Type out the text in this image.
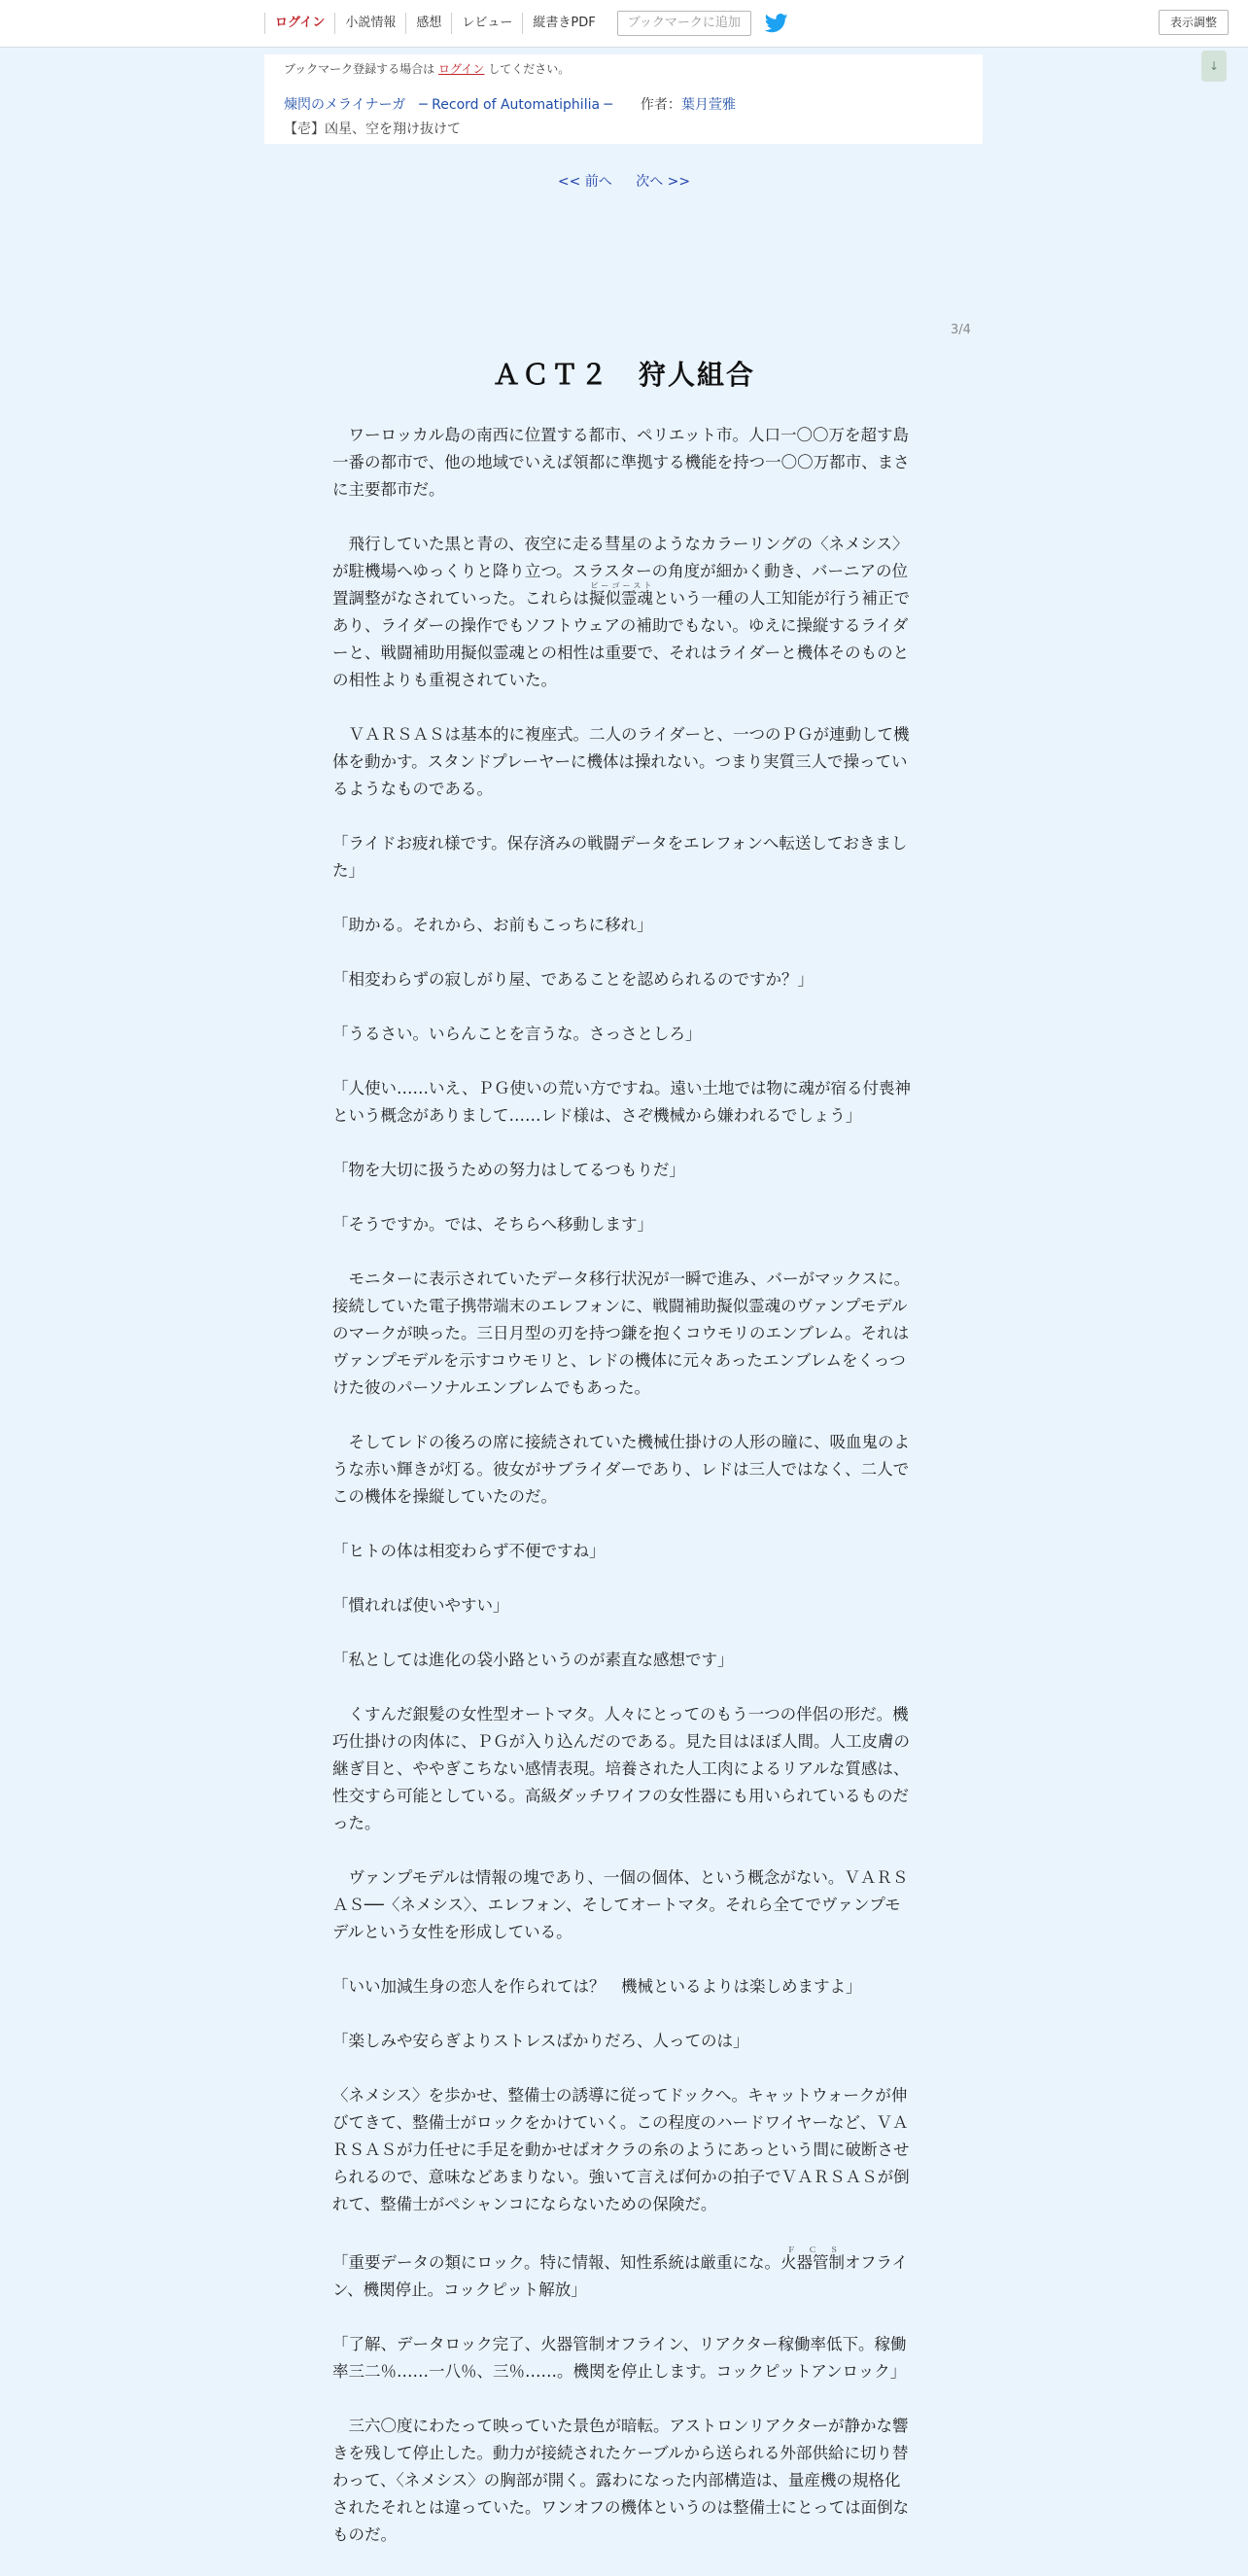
ログイン	小説情報	感想	レビュー	縦書きPDF	ブックマークに追加	表示調整
↓
ブックマーク登録する場合は ログイン してください。
煉閃のメライナーガ　─ Record of Automatiphilia ─ 作者：葉月萱雅
【壱】凶星、空を翔け抜けて
<< 前へ 次へ >>
3/4
ＡＣＴ２　狩人組合

ワーロッカル島の南西に位置する都市、ペリエット市。人口一〇〇万を超す島一番の都市で、他の地域でいえば領都に準拠する機能を持つ一〇〇万都市、まさに主要都市だ。

飛行していた黒と青の、夜空に走る彗星のようなカラーリングの〈ネメシス〉が駐機場へゆっくりと降り立つ。スラスターの角度が細かく動き、バーニアの位置調整がなされていった。これらは擬似霊魂ピーゴーストという一種の人工知能が行う補正であり、ライダーの操作でもソフトウェアの補助でもない。ゆえに操縦するライダーと、戦闘補助用擬似霊魂との相性は重要で、それはライダーと機体そのものとの相性よりも重視されていた。

ＶＡＲＳＡＳは基本的に複座式。二人のライダーと、一つのＰＧが連動して機体を動かす。スタンドプレーヤーに機体は操れない。つまり実質三人で操っているようなものである。

「ライドお疲れ様です。保存済みの戦闘データをエレフォンへ転送しておきました」

「助かる。それから、お前もこっちに移れ」

「相変わらずの寂しがり屋、であることを認められるのですか？」

「うるさい。いらんことを言うな。さっさとしろ」

「人使い……いえ、ＰＧ使いの荒い方ですね。遠い土地では物に魂が宿る付喪神という概念がありまして……レド様は、さぞ機械から嫌われるでしょう」

「物を大切に扱うための努力はしてるつもりだ」

「そうですか。では、そちらへ移動します」

モニターに表示されていたデータ移行状況が一瞬で進み、バーがマックスに。接続していた電子携帯端末のエレフォンに、戦闘補助擬似霊魂のヴァンプモデルのマークが映った。三日月型の刃を持つ鎌を抱くコウモリのエンブレム。それはヴァンプモデルを示すコウモリと、レドの機体に元々あったエンブレムをくっつけた彼のパーソナルエンブレムでもあった。

そしてレドの後ろの席に接続されていた機械仕掛けの人形の瞳に、吸血鬼のような赤い輝きが灯る。彼女がサブライダーであり、レドは三人ではなく、二人でこの機体を操縦していたのだ。

「ヒトの体は相変わらず不便ですね」

「慣れれば使いやすい」

「私としては進化の袋小路というのが素直な感想です」

くすんだ銀髪の女性型オートマタ。人々にとってのもう一つの伴侶の形だ。機巧仕掛けの肉体に、ＰＧが入り込んだのである。見た目はほぼ人間。人工皮膚の継ぎ目と、ややぎこちない感情表現。培養された人工肉によるリアルな質感は、性交すら可能としている。高級ダッチワイフの女性器にも用いられているものだった。

ヴァンプモデルは情報の塊であり、一個の個体、という概念がない。ＶＡＲＳＡＳ──〈ネメシス〉、エレフォン、そしてオートマタ。それら全てでヴァンプモデルという女性を形成している。

「いい加減生身の恋人を作られては？　機械といるよりは楽しめますよ」

「楽しみや安らぎよりストレスばかりだろ、人ってのは」

〈ネメシス〉を歩かせ、整備士の誘導に従ってドックへ。キャットウォークが伸びてきて、整備士がロックをかけていく。この程度のハードワイヤーなど、ＶＡＲＳＡＳが力任せに手足を動かせばオクラの糸のようにあっという間に破断させられるので、意味などあまりない。強いて言えば何かの拍子でＶＡＲＳＡＳが倒れて、整備士がペシャンコにならないための保険だ。

「重要データの類にロック。特に情報、知性系統は厳重にな。火器管制ＦＣＳオフライン、機関停止。コックピット解放」

「了解、データロック完了、火器管制オフライン、リアクター稼働率低下。稼働率三二％……一八％、三％……。機関を停止します。コックピットアンロック」

三六〇度にわたって映っていた景色が暗転。アストロンリアクターが静かな響きを残して停止した。動力が接続されたケーブルから送られる外部供給に切り替わって、〈ネメシス〉の胸部が開く。露わになった内部構造は、量産機の規格化されたそれとは違っていた。ワンオフの機体というのは整備士にとっては面倒なものだ。
